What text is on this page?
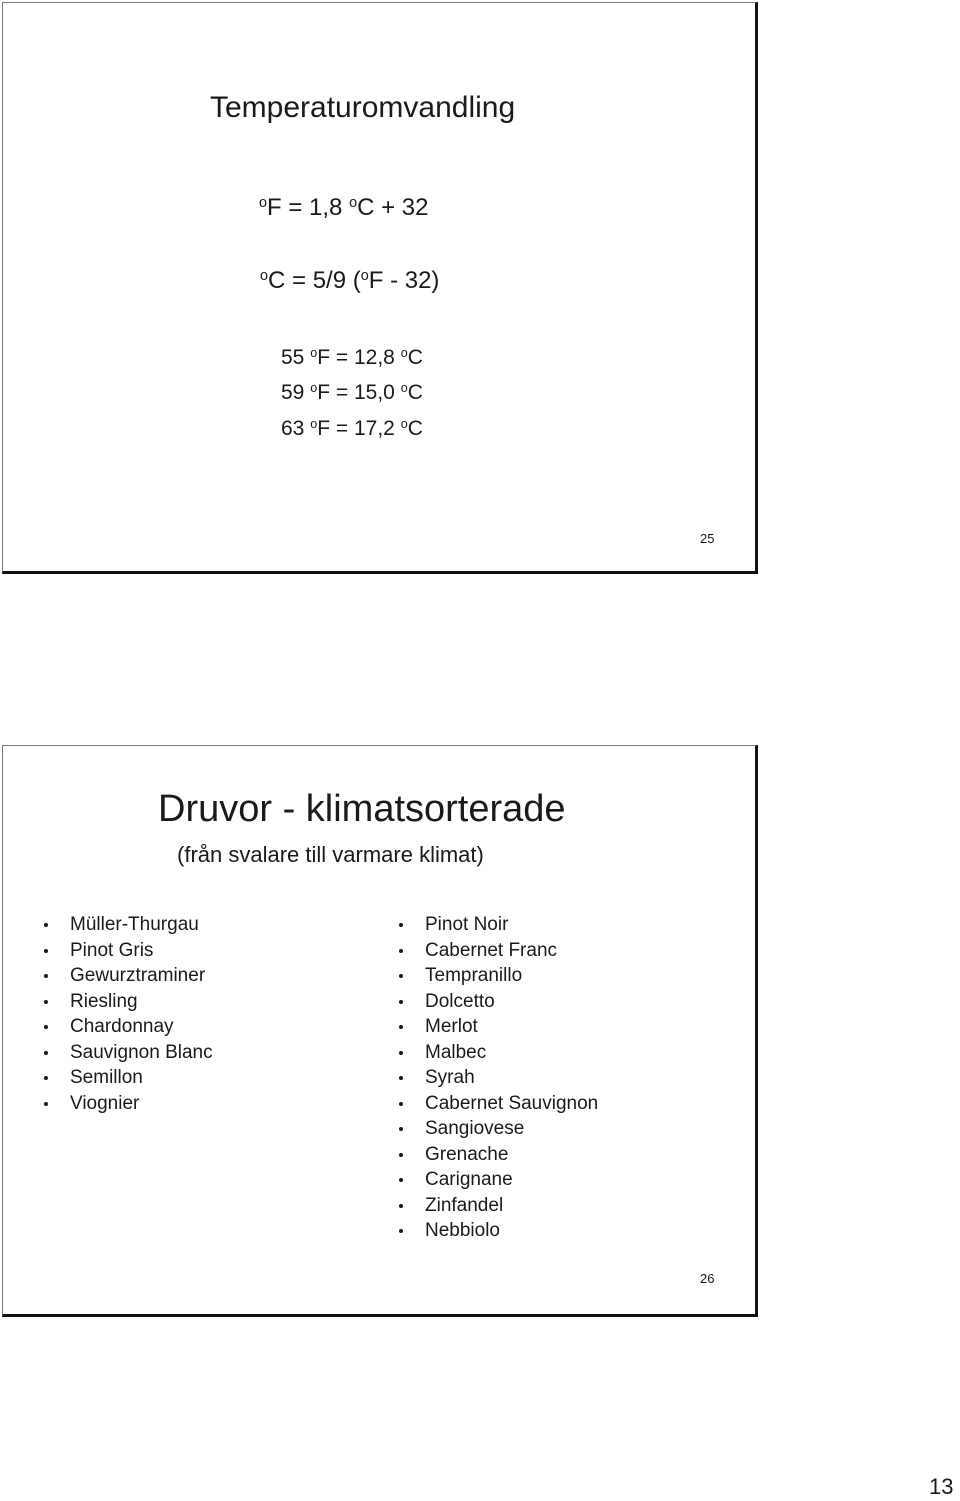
Temperaturomvandling
$^o$F = 1,8 $^o$C + 32
$^o$C = 5/9 ($^o$F - 32)
55 $^o$F = 12,8 $^o$C
59 $^o$F = 15,0 $^o$C
63 $^o$F = 17,2 $^o$C
25
Druvor - klimatsorterade
(från svalare till varmare klimat)
Müller-Thurgau
Pinot Gris
Gewurztraminer
Riesling
Chardonnay
Sauvignon Blanc
Semillon
Viognier
Pinot Noir
Cabernet Franc
Tempranillo
Dolcetto
Merlot
Malbec
Syrah
Cabernet Sauvignon
Sangiovese
Grenache
Carignane
Zinfandel
Nebbiolo
26
13
